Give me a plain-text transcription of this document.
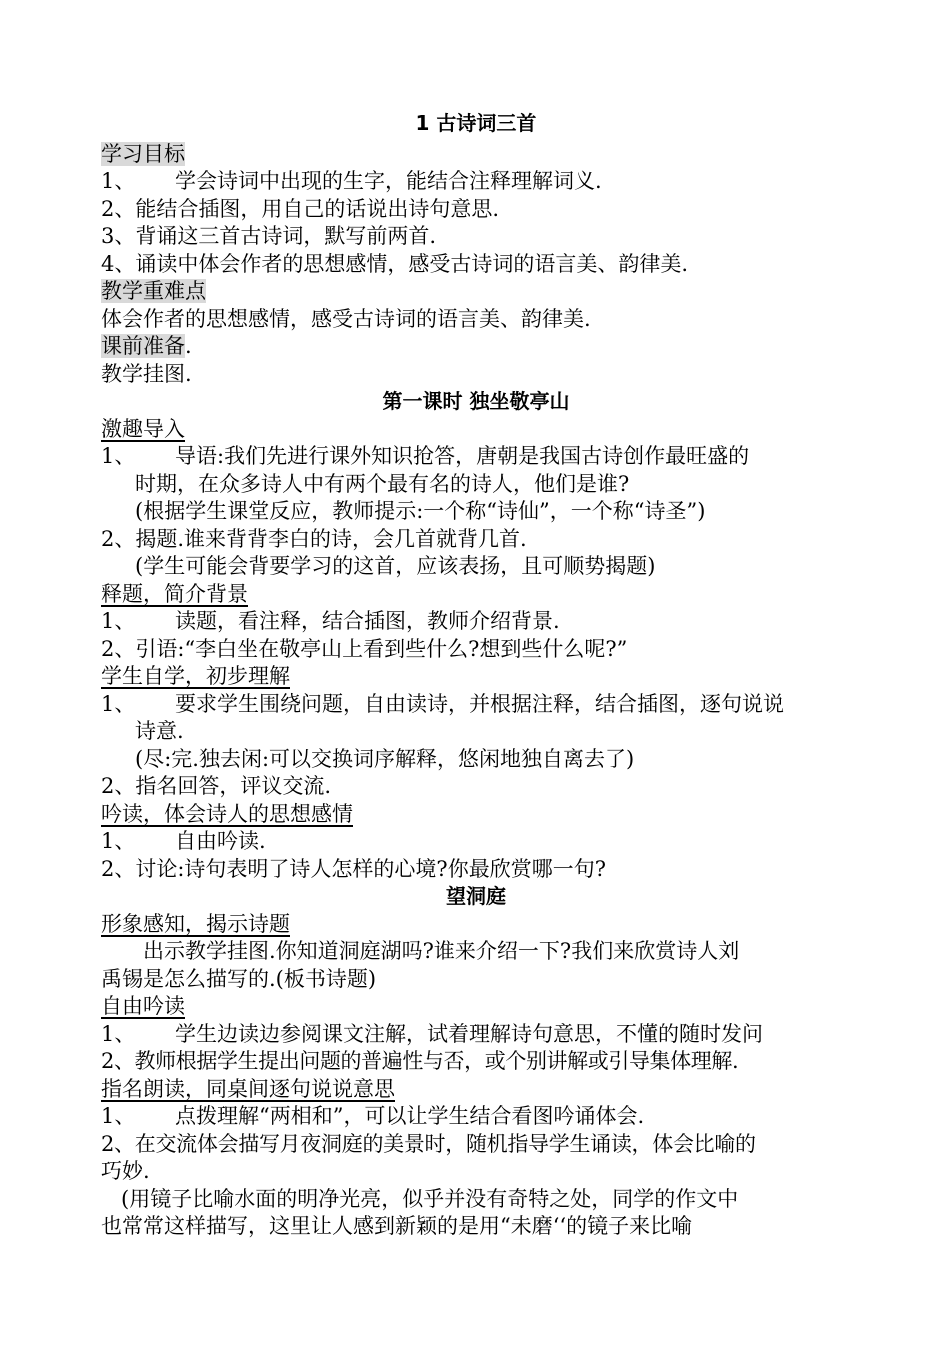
1 古诗词三首
学习目标
1、 学会诗词中出现的生字，能结合注释理解词义.
2、能结合插图，用自己的话说出诗句意思.
3、背诵这三首古诗词，默写前两首.
4、诵读中体会作者的思想感情，感受古诗词的语言美、韵律美.
教学重难点
体会作者的思想感情，感受古诗词的语言美、韵律美.
课前准备.
教学挂图.
第一课时 独坐敬亭山
激趣导入
1、 导语:我们先进行课外知识抢答，唐朝是我国古诗创作最旺盛的
时期，在众多诗人中有两个最有名的诗人，他们是谁?
(根据学生课堂反应，教师提示:一个称“诗仙”，一个称“诗圣”)
2、揭题.谁来背背李白的诗，会几首就背几首.
(学生可能会背要学习的这首，应该表扬，且可顺势揭题)
释题，简介背景
1、 读题，看注释，结合插图，教师介绍背景.
2、引语:“李白坐在敬亭山上看到些什么?想到些什么呢?”
学生自学，初步理解
1、 要求学生围绕问题，自由读诗，并根据注释，结合插图，逐句说说
诗意.
(尽:完.独去闲:可以交换词序解释，悠闲地独自离去了)
2、指名回答，评议交流.
吟读，体会诗人的思想感情
1、 自由吟读.
2、讨论:诗句表明了诗人怎样的心境?你最欣赏哪一句?
望洞庭
形象感知，揭示诗题
出示教学挂图.你知道洞庭湖吗?谁来介绍一下?我们来欣赏诗人刘
禹锡是怎么描写的.(板书诗题)
自由吟读
1、 学生边读边参阅课文注解，试着理解诗句意思，不懂的随时发问
2、教师根据学生提出问题的普遍性与否，或个别讲解或引导集体理解.
指名朗读，同桌间逐句说说意思
1、 点拨理解“两相和”，可以让学生结合看图吟诵体会.
2、在交流体会描写月夜洞庭的美景时，随机指导学生诵读，体会比喻的
巧妙.
(用镜子比喻水面的明净光亮，似乎并没有奇特之处，同学的作文中
也常常这样描写，这里让人感到新颖的是用“未磨‘‘的镜子来比喻
